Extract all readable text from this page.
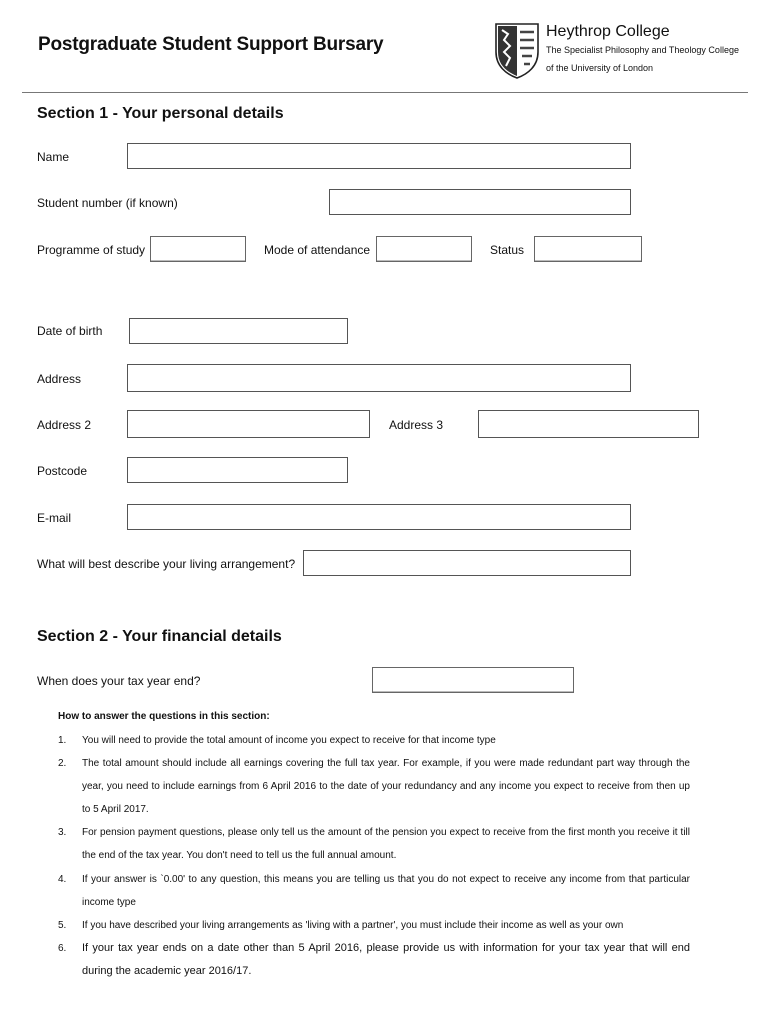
Postgraduate Student Support Bursary
Heythrop College
The Specialist Philosophy and Theology College
of the University of London
Section 1 - Your personal details
Name
Student number (if known)
Programme of study	Mode of attendance	Status
Date of birth
Address
Address 2	Address 3
Postcode
E-mail
What will best describe your living arrangement?
Section 2 - Your financial details
When does your tax year end?
How to answer the questions in this section:
1. You will need to provide the total amount of income you expect to receive for that income type
2. The total amount should include all earnings covering the full tax year. For example, if you were made redundant part way through the year, you need to include earnings from 6 April 2016 to the date of your redundancy and any income you expect to receive from then up to 5 April 2017.
3. For pension payment questions, please only tell us the amount of the pension you expect to receive from the first month you receive it till the end of the tax year. You don't need to tell us the full annual amount.
4. If your answer is `0.00' to any question, this means you are telling us that you do not expect to receive any income from that particular income type
5. If you have described your living arrangements as 'living with a partner', you must include their income as well as your own
6. If your tax year ends on a date other than 5 April 2016, please provide us with information for your tax year that will end during the academic year 2016/17.
